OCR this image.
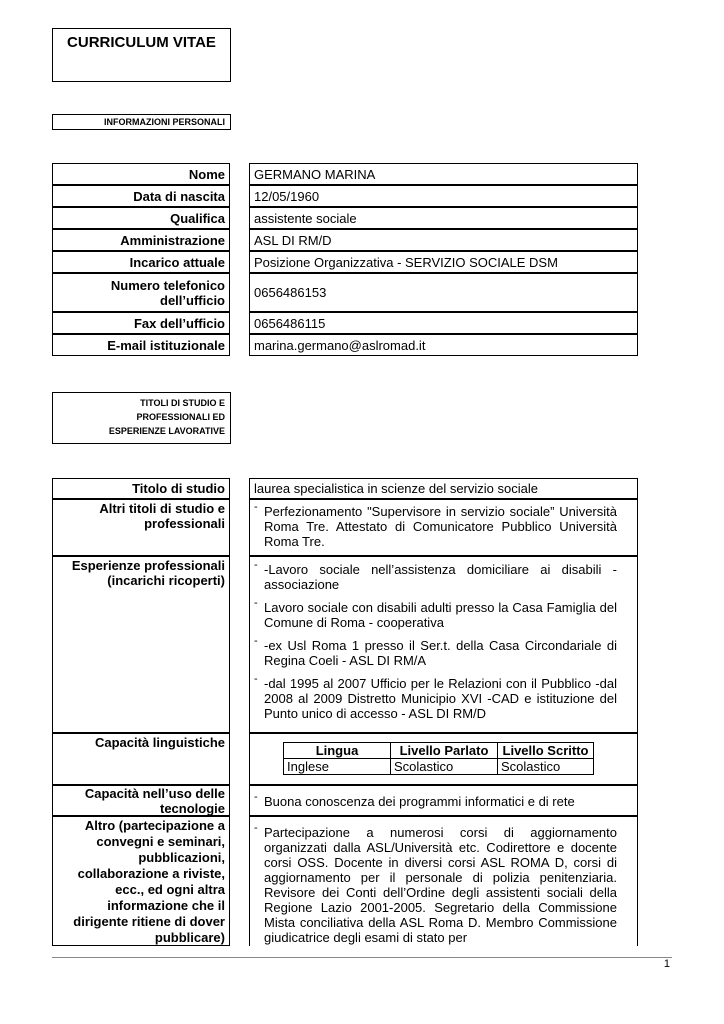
CURRICULUM VITAE
INFORMAZIONI PERSONALI
Nome GERMANO MARINA
Data di nascita 12/05/1960
Qualifica assistente sociale
Amministrazione ASL DI RM/D
Incarico attuale Posizione Organizzativa - SERVIZIO SOCIALE DSM
Numero telefonico
dell’ufficio 0656486153
Fax dell’ufficio 0656486115
E-mail istituzionale marina.germano@aslromad.it
TITOLI DI STUDIO E
PROFESSIONALI ED
ESPERIENZE LAVORATIVE
Titolo di studio laurea specialistica in scienze del servizio sociale
Altri titoli di studio e
professionali
- Perfezionamento "Supervisore in servizio sociale” Università Roma Tre. Attestato di Comunicatore Pubblico Università Roma Tre.
Esperienze professionali
(incarichi ricoperti)
- -Lavoro sociale nell’assistenza domiciliare ai disabili - associazione
- Lavoro sociale con disabili adulti presso la Casa Famiglia del Comune di Roma - cooperativa
- -ex Usl Roma 1 presso il Ser.t. della Casa Circondariale di Regina Coeli - ASL DI RM/A
- -dal 1995 al 2007 Ufficio per le Relazioni con il Pubblico -dal 2008 al 2009 Distretto Municipio XVI -CAD e istituzione del Punto unico di accesso - ASL DI RM/D
Capacità linguistiche
Lingua	Livello Parlato	Livello Scritto
Inglese	Scolastico	Scolastico
Capacità nell’uso delle
tecnologie
- Buona conoscenza dei programmi informatici e di rete
Altro (partecipazione a
convegni e seminari,
pubblicazioni,
collaborazione a riviste,
ecc., ed ogni altra
informazione che il
dirigente ritiene di dover
pubblicare)
- Partecipazione a numerosi corsi di aggiornamento organizzati dalla ASL/Università etc. Codirettore e docente corsi OSS. Docente in diversi corsi ASL ROMA D, corsi di aggiornamento per il personale di polizia penitenziaria. Revisore dei Conti dell’Ordine degli assistenti sociali della Regione Lazio 2001-2005. Segretario della Commissione Mista conciliativa della ASL Roma D. Membro Commissione giudicatrice degli esami di stato per
1
